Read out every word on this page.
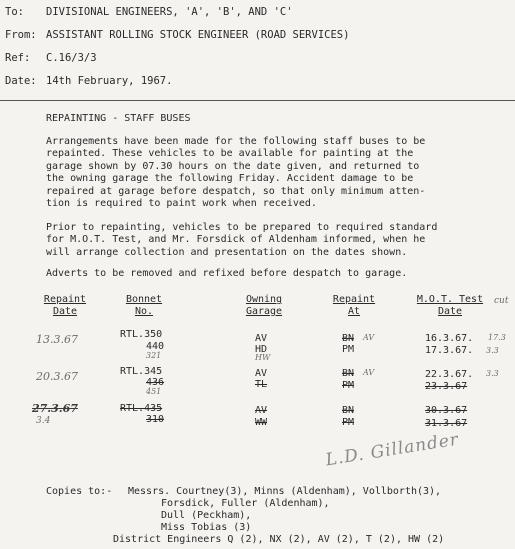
To: DIVISIONAL ENGINEERS, 'A', 'B', AND 'C'
From: ASSISTANT ROLLING STOCK ENGINEER (ROAD SERVICES)
Ref: C.16/3/3
Date: 14th February, 1967.
REPAINTING - STAFF BUSES
Arrangements have been made for the following staff buses to be
repainted. These vehicles to be available for painting at the
garage shown by 07.30 hours on the date given, and returned to
the owning garage the following Friday. Accident damage to be
repaired at garage before despatch, so that only minimum atten-
tion is required to paint work when received.
Prior to repainting, vehicles to be prepared to required standard
for M.O.T. Test, and Mr. Forsdick of Aldenham informed, when he
will arrange collection and presentation on the dates shown.
Adverts to be removed and refixed before despatch to garage.
Repaint
Date
Bonnet
No.
Owning
Garage
Repaint
At
M.O.T. Test
Date
cut
13.3.67	RTL.350
440
321
AV
HD
HW
BN AV
PM
16.3.67.
17.3.67.
17.3
3.3
20.3.67	RTL.345
436
451
AV
TL
BN AV
PM
22.3.67.
23.3.67
3.3
27.3.67
3.4
RTL.435
310
AV
WW
BN
PM
30.3.67
31.3.67
L.D. Gillander
Copies to:- Messrs. Courtney(3), Minns (Aldenham), Vollborth(3),
Forsdick, Fuller (Aldenham),
Dull (Peckham),
Miss Tobias (3)
District Engineers Q (2), NX (2), AV (2), T (2), HW (2)
